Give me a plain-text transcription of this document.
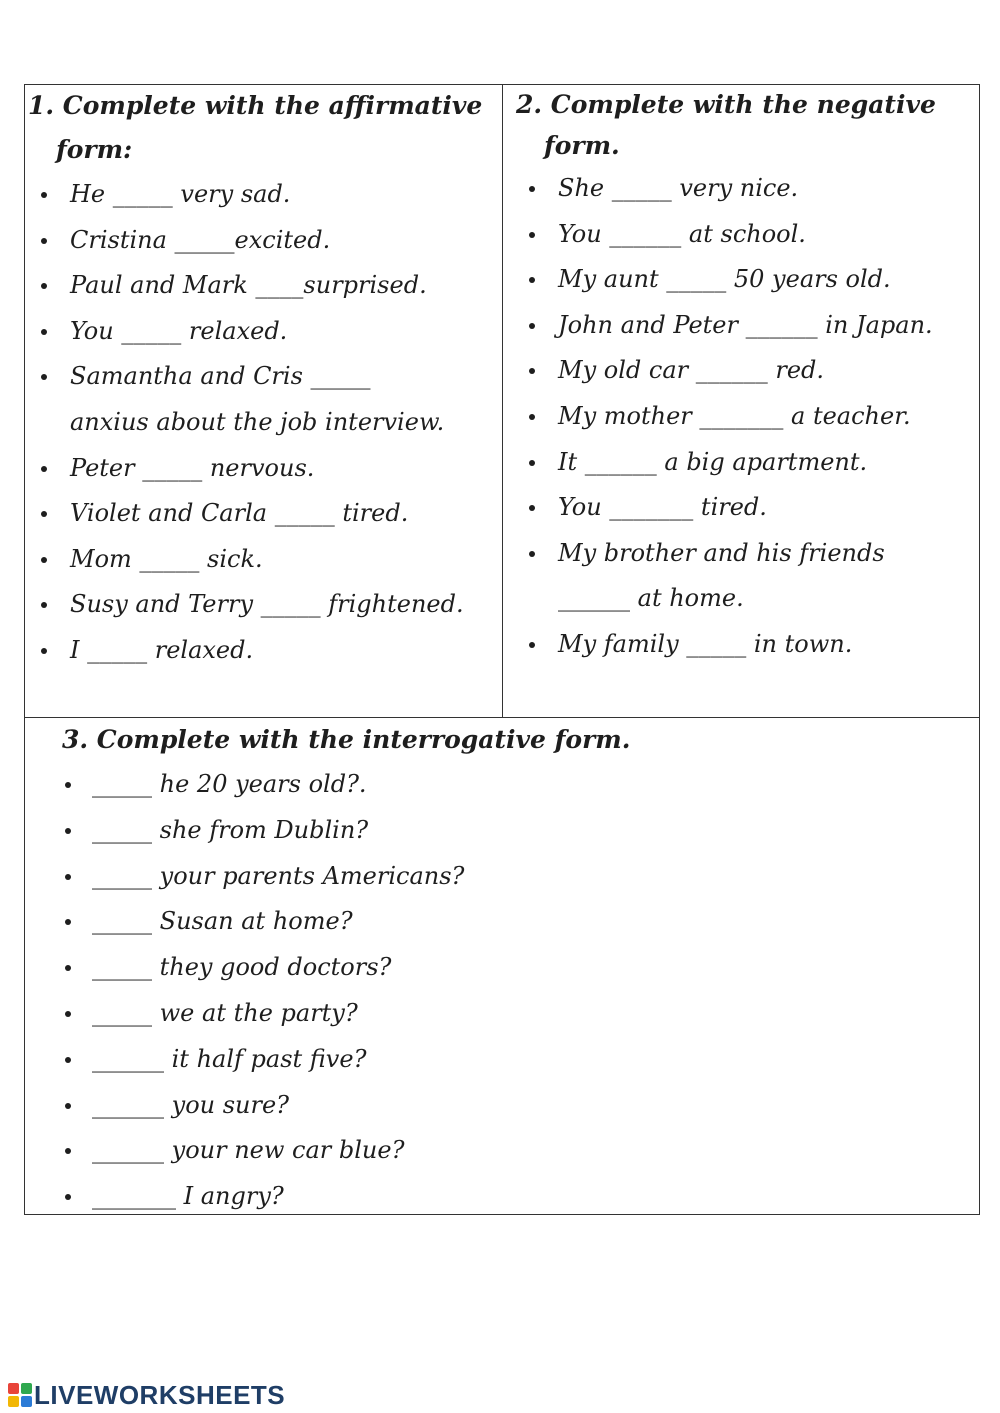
1. Complete with the affirmative
form:
He _____ very sad.
Cristina _____excited.
Paul and Mark ____surprised.
You _____ relaxed.
Samantha and Cris _____
anxius about the job interview.
Peter _____ nervous.
Violet and Carla _____ tired.
Mom _____ sick.
Susy and Terry _____ frightened.
I _____ relaxed.
2. Complete with the negative
form.
She _____ very nice.
You ______ at school.
My aunt _____ 50 years old.
John and Peter ______ in Japan.
My old car ______ red.
My mother _______ a teacher.
It ______ a big apartment.
You _______ tired.
My brother and his friends
______ at home.
My family _____ in town.
3. Complete with the interrogative form.
_____ he 20 years old?.
_____ she from Dublin?
_____ your parents Americans?
_____ Susan at home?
_____ they good doctors?
_____ we at the party?
______ it half past five?
______ you sure?
______ your new car blue?
_______ I angry?
LIVEWORKSHEETS
